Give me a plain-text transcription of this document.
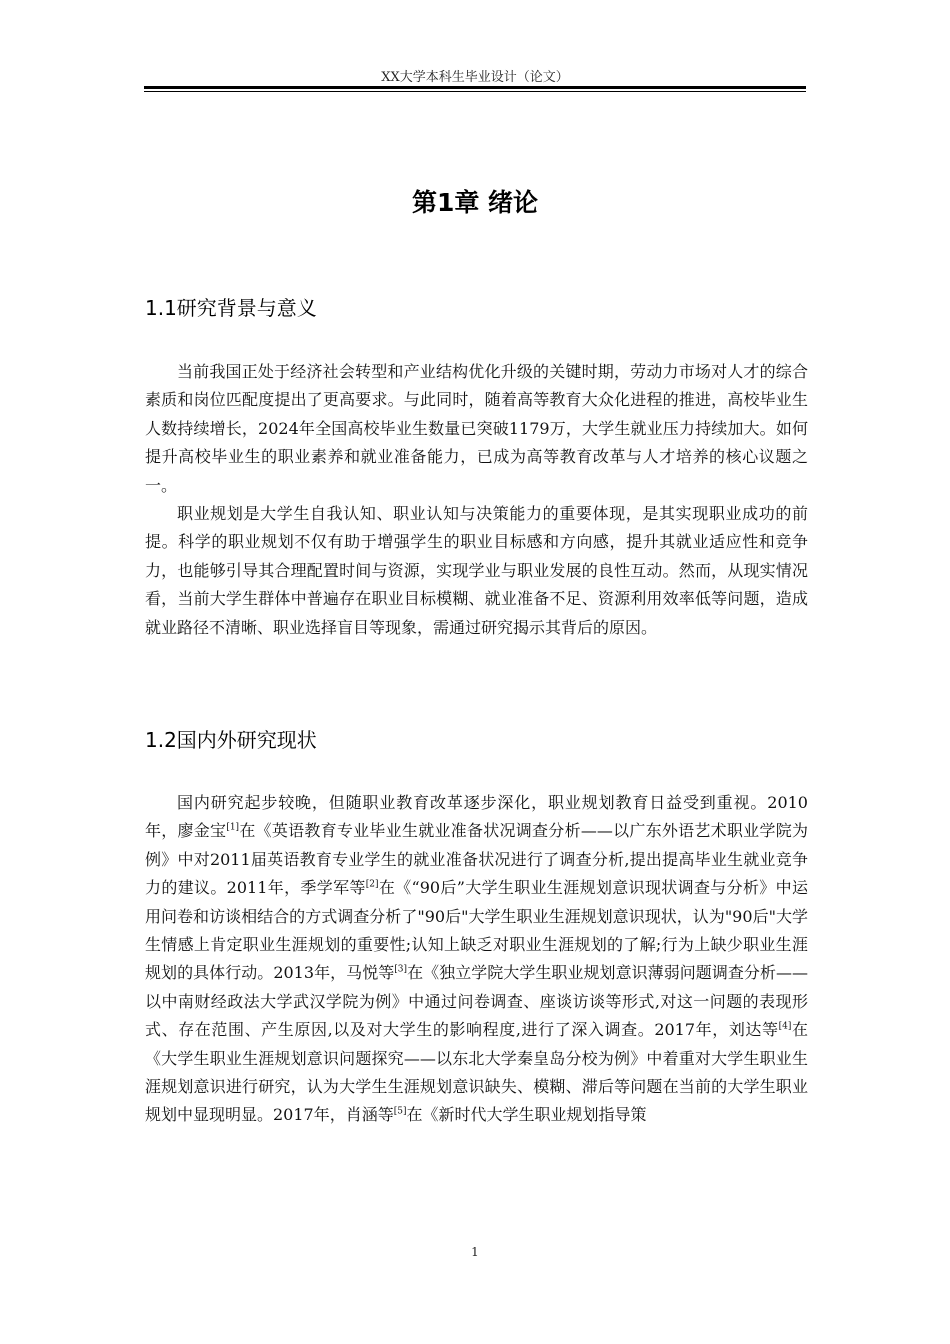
XX大学本科生毕业设计（论文）
第1章 绪论
1.1研究背景与意义

当前我国正处于经济社会转型和产业结构优化升级的关键时期，劳动力市场对人才的综合素质和岗位匹配度提出了更高要求。与此同时，随着高等教育大众化进程的推进，高校毕业生人数持续增长，2024年全国高校毕业生数量已突破1179万，大学生就业压力持续加大。如何提升高校毕业生的职业素养和就业准备能力，已成为高等教育改革与人才培养的核心议题之一。

职业规划是大学生自我认知、职业认知与决策能力的重要体现，是其实现职业成功的前提。科学的职业规划不仅有助于增强学生的职业目标感和方向感，提升其就业适应性和竞争力，也能够引导其合理配置时间与资源，实现学业与职业发展的良性互动。然而，从现实情况看，当前大学生群体中普遍存在职业目标模糊、就业准备不足、资源利用效率低等问题，造成就业路径不清晰、职业选择盲目等现象，需通过研究揭示其背后的原因。

1.2国内外研究现状

国内研究起步较晚，但随职业教育改革逐步深化，职业规划教育日益受到重视。2010年，廖金宝[1]在《英语教育专业毕业生就业准备状况调查分析——以广东外语艺术职业学院为例》中对2011届英语教育专业学生的就业准备状况进行了调查分析,提出提高毕业生就业竞争力的建议。2011年，季学军等[2]在《“90后”大学生职业生涯规划意识现状调查与分析》中运用问卷和访谈相结合的方式调查分析了"90后"大学生职业生涯规划意识现状，认为"90后"大学生情感上肯定职业生涯规划的重要性;认知上缺乏对职业生涯规划的了解;行为上缺少职业生涯规划的具体行动。2013年，马悦等[3]在《独立学院大学生职业规划意识薄弱问题调查分析——以中南财经政法大学武汉学院为例》中通过问卷调查、座谈访谈等形式,对这一问题的表现形式、存在范围、产生原因,以及对大学生的影响程度,进行了深入调查。2017年，刘达等[4]在《大学生职业生涯规划意识问题探究——以东北大学秦皇岛分校为例》中着重对大学生职业生涯规划意识进行研究，认为大学生生涯规划意识缺失、模糊、滞后等问题在当前的大学生职业规划中显现明显。2017年，肖涵等[5]在《新时代大学生职业规划指导策

1
